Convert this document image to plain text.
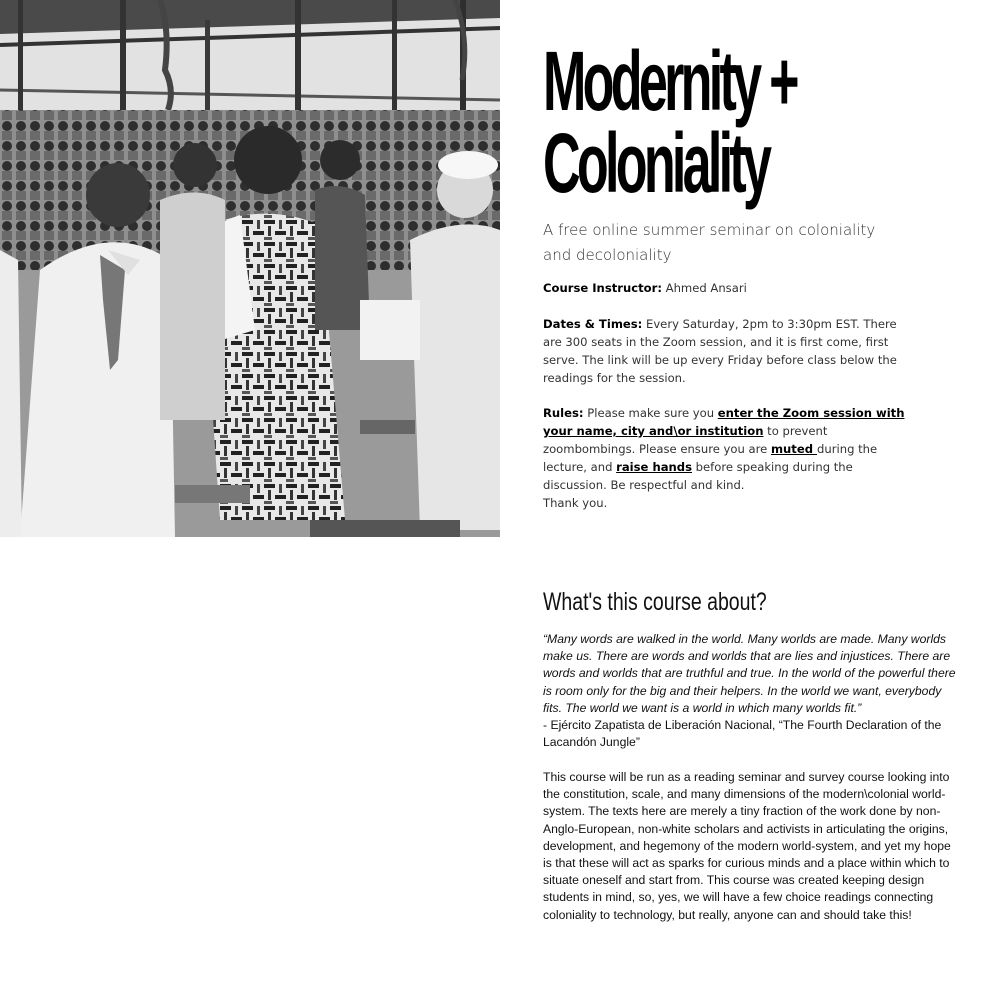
Modernity +
Coloniality

A free online summer seminar on coloniality and decoloniality

Course Instructor: Ahmed Ansari

Dates & Times: Every Saturday, 2pm to 3:30pm EST. There are 300 seats in the Zoom session, and it is first come, first serve. The link will be up every Friday before class below the readings for the session.

Rules: Please make sure you enter the Zoom session with your name, city and\or institution to prevent zoombombings. Please ensure you are muted during the lecture, and raise hands before speaking during the discussion. Be respectful and kind.
Thank you.

What's this course about?

“Many words are walked in the world. Many worlds are made. Many worlds make us. There are words and worlds that are lies and injustices. There are words and worlds that are truthful and true. In the world of the powerful there is room only for the big and their helpers. In the world we want, everybody fits. The world we want is a world in which many worlds fit.”
- Ejército Zapatista de Liberación Nacional, “The Fourth Declaration of the Lacandón Jungle”

This course will be run as a reading seminar and survey course looking into the constitution, scale, and many dimensions of the modern\colonial world-system. The texts here are merely a tiny fraction of the work done by non-Anglo-European, non-white scholars and activists in articulating the origins, development, and hegemony of the modern world-system, and yet my hope is that these will act as sparks for curious minds and a place within which to situate oneself and start from. This course was created keeping design students in mind, so, yes, we will have a few choice readings connecting coloniality to technology, but really, anyone can and should take this!
